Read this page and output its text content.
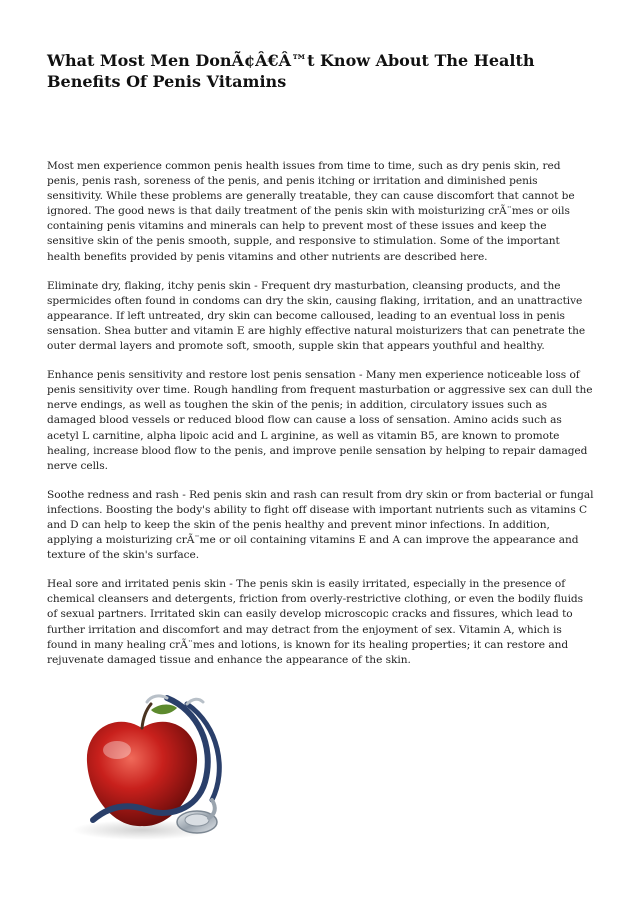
What Most Men DonÃ¢Â€Â™t Know About The Health Benefits Of Penis Vitamins

Most men experience common penis health issues from time to time, such as dry penis skin, red penis, penis rash, soreness of the penis, and penis itching or irritation and diminished penis sensitivity. While these problems are generally treatable, they can cause discomfort that cannot be ignored. The good news is that daily treatment of the penis skin with moisturizing crÃ¨mes or oils containing penis vitamins and minerals can help to prevent most of these issues and keep the sensitive skin of the penis smooth, supple, and responsive to stimulation. Some of the important health benefits provided by penis vitamins and other nutrients are described here.

Eliminate dry, flaking, itchy penis skin - Frequent dry masturbation, cleansing products, and the spermicides often found in condoms can dry the skin, causing flaking, irritation, and an unattractive appearance. If left untreated, dry skin can become calloused, leading to an eventual loss in penis sensation. Shea butter and vitamin E are highly effective natural moisturizers that can penetrate the outer dermal layers and promote soft, smooth, supple skin that appears youthful and healthy.

Enhance penis sensitivity and restore lost penis sensation - Many men experience noticeable loss of penis sensitivity over time. Rough handling from frequent masturbation or aggressive sex can dull the nerve endings, as well as toughen the skin of the penis; in addition, circulatory issues such as damaged blood vessels or reduced blood flow can cause a loss of sensation. Amino acids such as acetyl L carnitine, alpha lipoic acid and L arginine, as well as vitamin B5, are known to promote healing, increase blood flow to the penis, and improve penile sensation by helping to repair damaged nerve cells.

Soothe redness and rash - Red penis skin and rash can result from dry skin or from bacterial or fungal infections. Boosting the body's ability to fight off disease with important nutrients such as vitamins C and D can help to keep the skin of the penis healthy and prevent minor infections. In addition, applying a moisturizing crÃ¨me or oil containing vitamins E and A can improve the appearance and texture of the skin's surface.

Heal sore and irritated penis skin - The penis skin is easily irritated, especially in the presence of chemical cleansers and detergents, friction from overly-restrictive clothing, or even the bodily fluids of sexual partners. Irritated skin can easily develop microscopic cracks and fissures, which lead to further irritation and discomfort and may detract from the enjoyment of sex. Vitamin A, which is found in many healing crÃ¨mes and lotions, is known for its healing properties; it can restore and rejuvenate damaged tissue and enhance the appearance of the skin.
